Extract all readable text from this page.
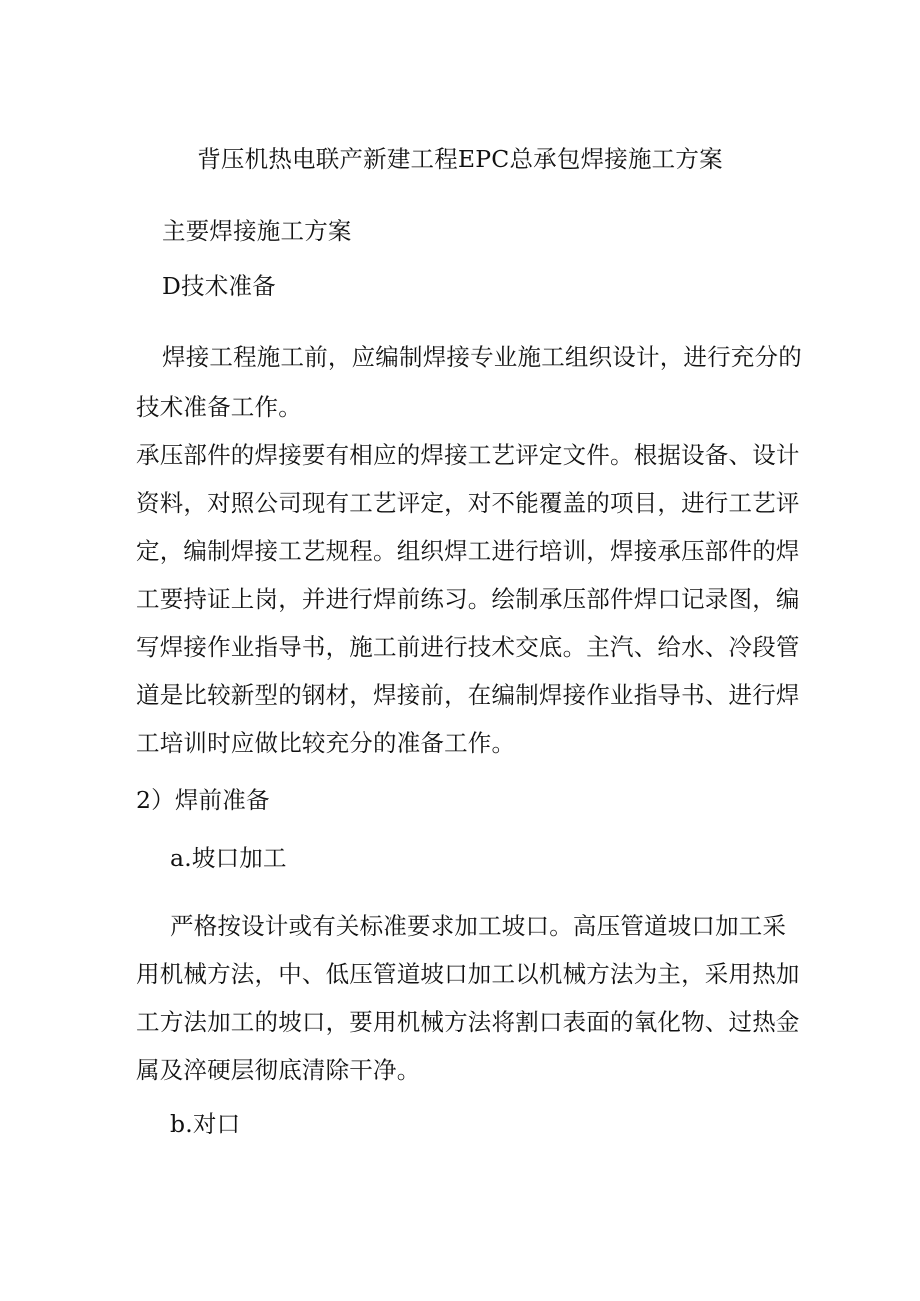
背压机热电联产新建工程EPC总承包焊接施工方案
主要焊接施工方案
D技术准备
焊接工程施工前，应编制焊接专业施工组织设计，进行充分的
技术准备工作。
承压部件的焊接要有相应的焊接工艺评定文件。根据设备、设计
资料，对照公司现有工艺评定，对不能覆盖的项目，进行工艺评
定，编制焊接工艺规程。组织焊工进行培训，焊接承压部件的焊
工要持证上岗，并进行焊前练习。绘制承压部件焊口记录图，编
写焊接作业指导书，施工前进行技术交底。主汽、给水、冷段管
道是比较新型的钢材，焊接前，在编制焊接作业指导书、进行焊
工培训时应做比较充分的准备工作。
2）焊前准备
a.坡口加工
严格按设计或有关标准要求加工坡口。高压管道坡口加工采
用机械方法，中、低压管道坡口加工以机械方法为主，采用热加
工方法加工的坡口，要用机械方法将割口表面的氧化物、过热金
属及淬硬层彻底清除干净。
b.对口
